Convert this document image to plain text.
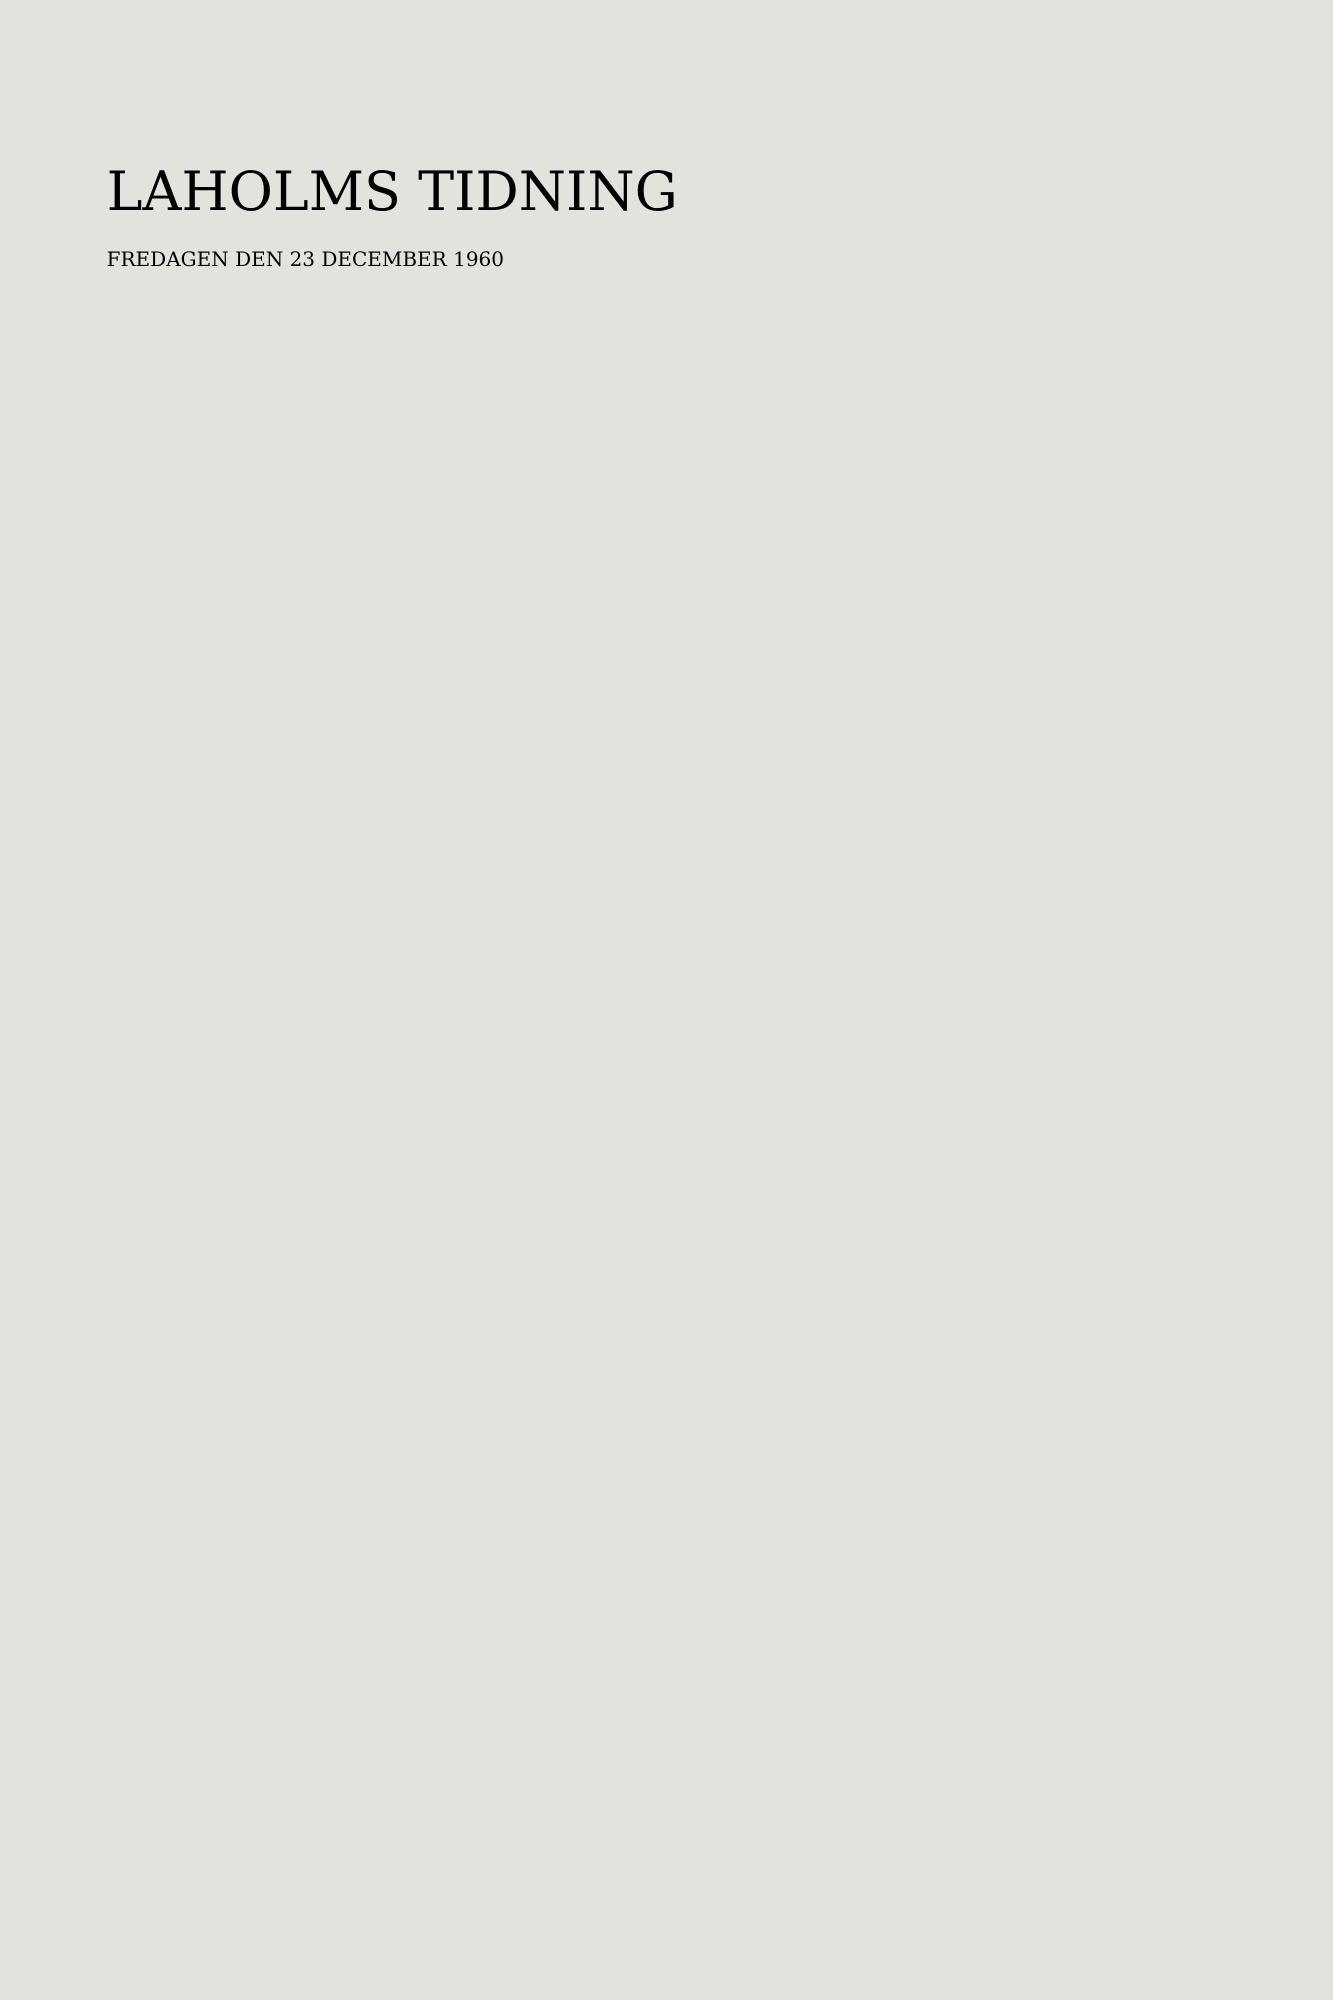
LAHOLMS TIDNING
FREDAGEN DEN 23 DECEMBER 1960
